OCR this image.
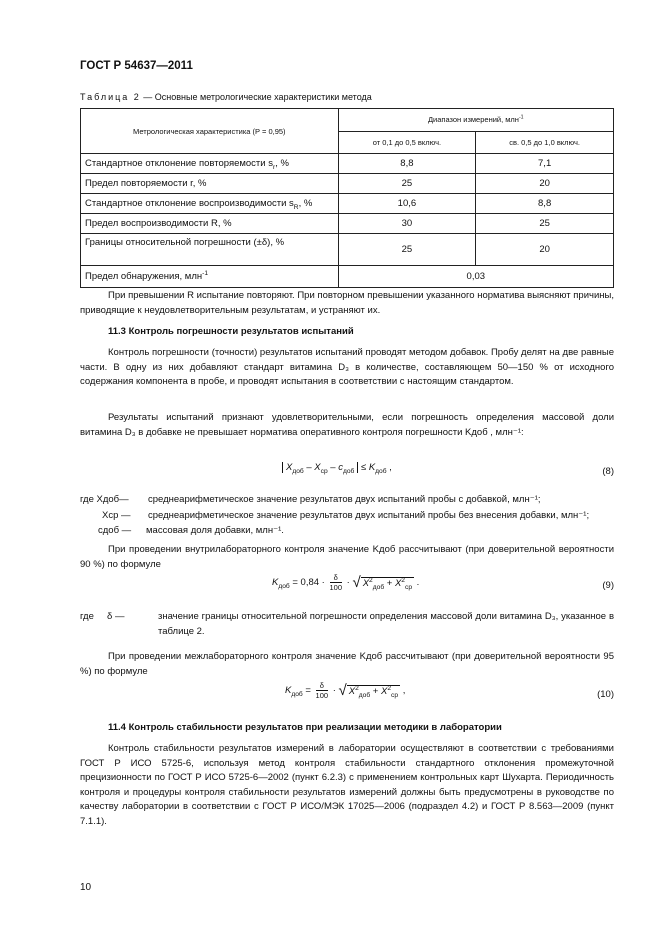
ГОСТ Р 54637—2011
Таблица 2 — Основные метрологические характеристики метода
Метрологическая характеристика (P = 0,95)	Диапазон измерений, млн$^{-1}$
	от 0,1 до 0,5 включ.	св. 0,5 до 1,0 включ.
Стандартное отклонение повторяемости $s_r$, %	8,8	7,1
Предел повторяемости r, %	25	20
Стандартное отклонение воспроизводимости $s_R$, %	10,6	8,8
Предел воспроизводимости R, %	30	25
Границы относительной погрешности (±δ), %	25	20
Предел обнаружения, млн$^{-1}$	0,03	
При превышении R испытание повторяют. При повторном превышении указанного норматива выясняют причины, приводящие к неудовлетворительным результатам, и устраняют их.
11.3 Контроль погрешности результатов испытаний
Контроль погрешности (точности) результатов испытаний проводят методом добавок. Пробу делят на две равные части. В одну из них добавляют стандарт витамина D₃ в количестве, составляющем 50—150 % от исходного содержания компонента в пробе, и проводят испытания в соответствии с настоящим стандартом.
Результаты испытаний признают удовлетворительными, если погрешность определения массовой доли витамина D₃ в добавке не превышает норматива оперативного контроля погрешности Kдоб , млн⁻¹:
$X_{доб} - X_{ср} - c_{доб} \le K_{доб}$ ,	(8)
где Xдоб—	среднеарифметическое значение результатов двух испытаний пробы с добавкой, млн⁻¹;
Xср —	среднеарифметическое значение результатов двух испытаний пробы без внесения добавки, млн⁻¹;
cдоб —	массовая доля добавки, млн⁻¹.
При проведении внутрилабораторного контроля значение Kдоб рассчитывают (при доверительной вероятности 90 %) по формуле
$K_{доб} = 0,84 \cdot \frac{\delta}{100}$ · √ $X^2_{доб} + X^2_{ср}$ .	(9)
где     δ —	значение границы относительной погрешности определения массовой доли витамина D₃, указанное в таблице 2.
При проведении межлабораторного контроля значение Kдоб рассчитывают (при доверительной вероятности 95 %) по формуле
$K_{доб} = \frac{\delta}{100}$ · √ $X^2_{доб} + X^2_{ср}$ ,	(10)
11.4 Контроль стабильности результатов при реализации методики в лаборатории
Контроль стабильности результатов измерений в лаборатории осуществляют в соответствии с требованиями ГОСТ Р ИСО 5725-6, используя метод контроля стабильности стандартного отклонения промежуточной прецизионности по ГОСТ Р ИСО 5725-6—2002 (пункт 6.2.3) с применением контрольных карт Шухарта. Периодичность контроля и процедуры контроля стабильности результатов измерений должны быть предусмотрены в руководстве по качеству лаборатории в соответствии с ГОСТ Р ИСО/МЭК 17025—2006 (подраздел 4.2) и ГОСТ Р 8.563—2009 (пункт 7.1.1).
10
